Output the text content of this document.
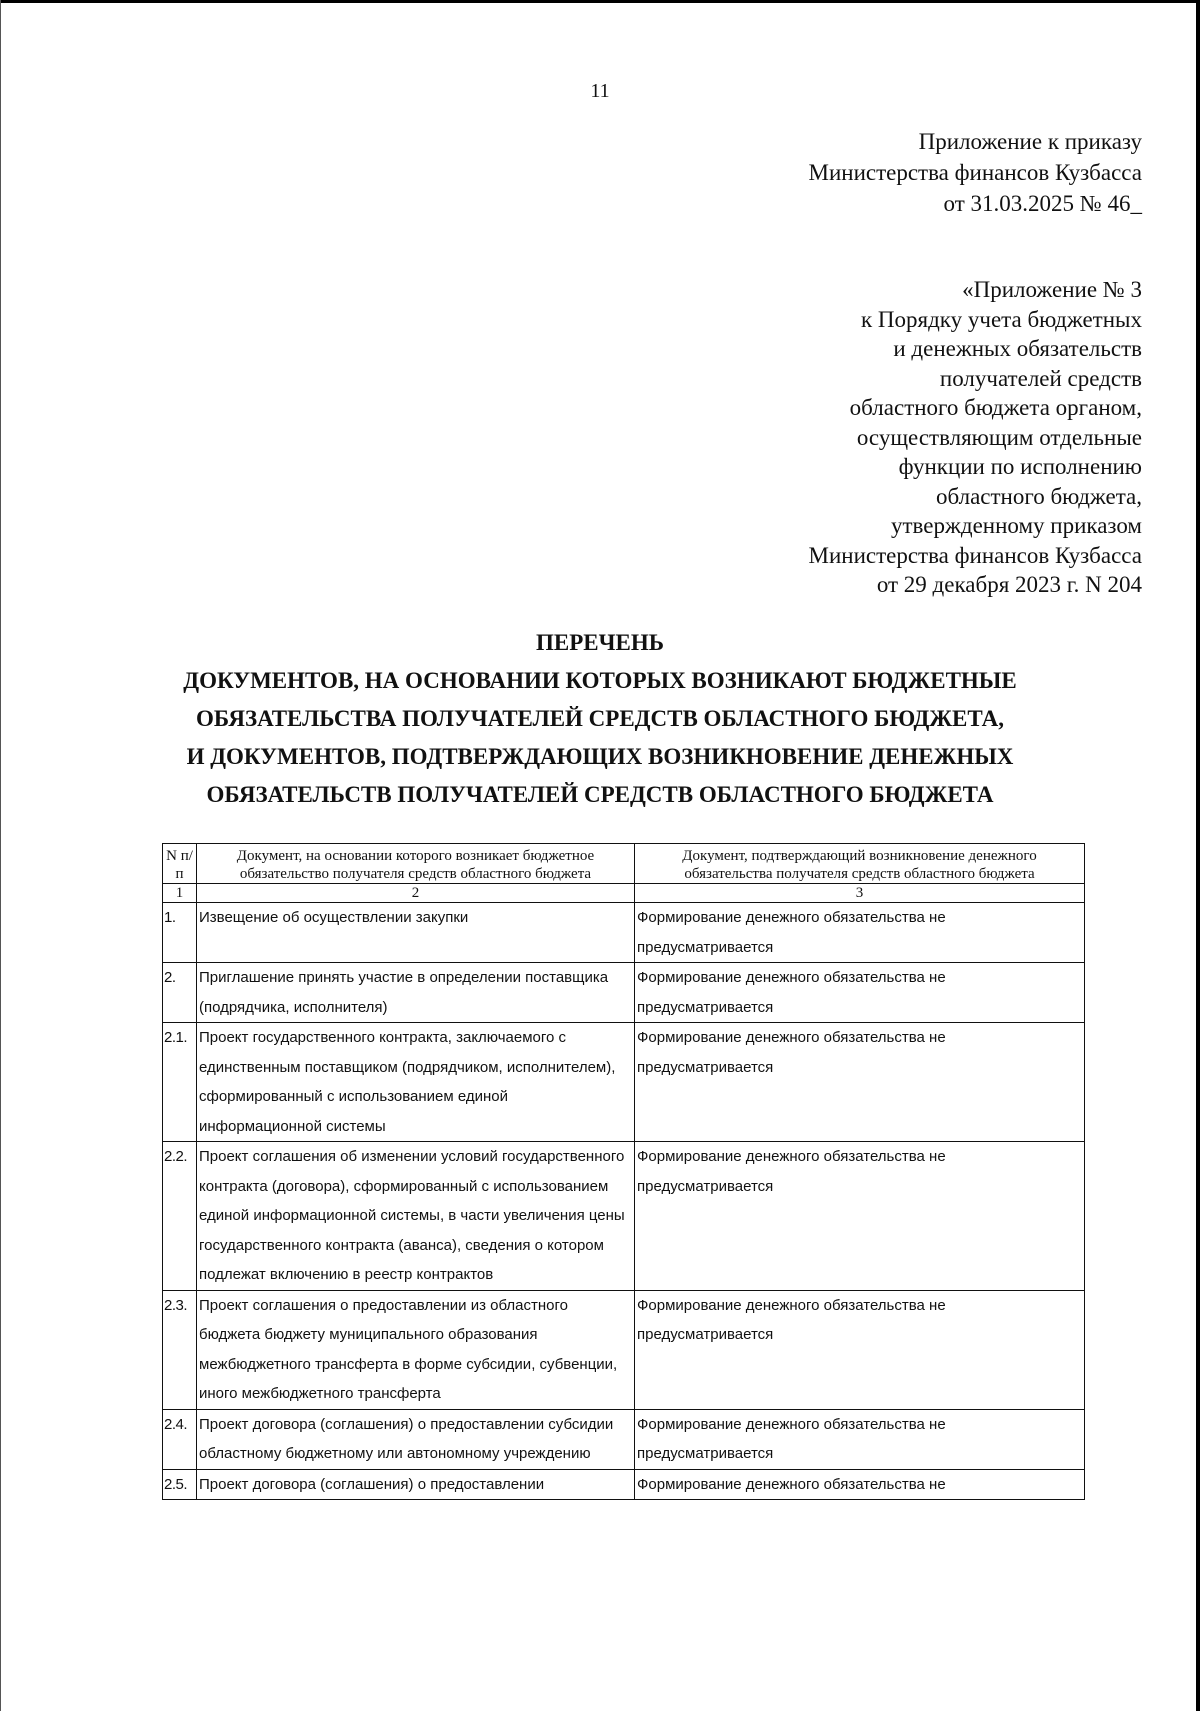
11
Приложение к приказу
Министерства финансов Кузбасса
от 31.03.2025 № 46_
«Приложение № 3
к Порядку учета бюджетных
и денежных обязательств
получателей средств
областного бюджета органом,
осуществляющим отдельные
функции по исполнению
областного бюджета,
утвержденному приказом
Министерства финансов Кузбасса
от 29 декабря 2023 г. N 204
ПЕРЕЧЕНЬ
ДОКУМЕНТОВ, НА ОСНОВАНИИ КОТОРЫХ ВОЗНИКАЮТ БЮДЖЕТНЫЕ
ОБЯЗАТЕЛЬСТВА ПОЛУЧАТЕЛЕЙ СРЕДСТВ ОБЛАСТНОГО БЮДЖЕТА,
И ДОКУМЕНТОВ, ПОДТВЕРЖДАЮЩИХ ВОЗНИКНОВЕНИЕ ДЕНЕЖНЫХ
ОБЯЗАТЕЛЬСТВ ПОЛУЧАТЕЛЕЙ СРЕДСТВ ОБЛАСТНОГО БЮДЖЕТА
N п/п	Документ, на основании которого возникает бюджетное обязательство получателя средств областного бюджета	Документ, подтверждающий возникновение денежного обязательства получателя средств областного бюджета
1	2	3
1.	Извещение об осуществлении закупки	Формирование денежного обязательства не предусматривается
2.	Приглашение принять участие в определении поставщика (подрядчика, исполнителя)	Формирование денежного обязательства не предусматривается
2.1.	Проект государственного контракта, заключаемого с единственным поставщиком (подрядчиком, исполнителем), сформированный с использованием единой информационной системы	Формирование денежного обязательства не предусматривается
2.2.	Проект соглашения об изменении условий государственного контракта (договора), сформированный с использованием единой информационной системы, в части увеличения цены государственного контракта (аванса), сведения о котором подлежат включению в реестр контрактов	Формирование денежного обязательства не предусматривается
2.3.	Проект соглашения о предоставлении из областного бюджета бюджету муниципального образования межбюджетного трансферта в форме субсидии, субвенции, иного межбюджетного трансферта	Формирование денежного обязательства не предусматривается
2.4.	Проект договора (соглашения) о предоставлении субсидии областному бюджетному или автономному учреждению	Формирование денежного обязательства не предусматривается
2.5.	Проект договора (соглашения) о предоставлении	Формирование денежного обязательства не
